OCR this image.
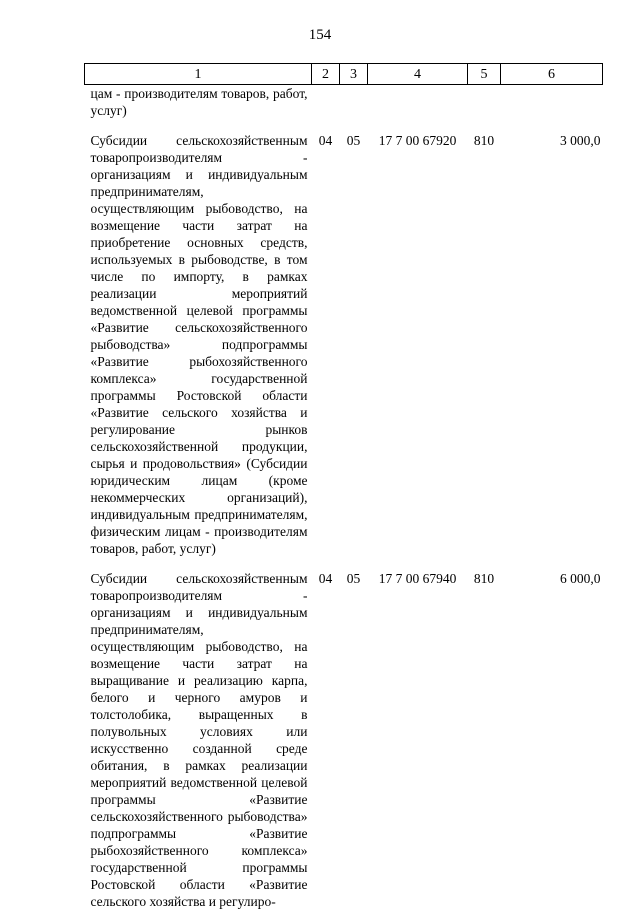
154
1	2	3	4	5	6
цам - производителям товаров, работ, услуг)					
Субсидии сельскохозяйственным товаропроизводителям - организациям и индивидуальным предпринимателям, осуществляющим рыбоводство, на возмещение части затрат на приобретение основных средств, используемых в рыбоводстве, в том числе по импорту, в рамках реализации мероприятий ведомственной целевой программы «Развитие сельскохозяйственного рыбоводства» подпрограммы «Развитие рыбохозяйственного комплекса» государственной программы Ростовской области «Развитие сельского хозяйства и регулирование рынков сельскохозяйственной продукции, сырья и продовольствия» (Субсидии юридическим лицам (кроме некоммерческих организаций), индивидуальным предпринимателям, физическим лицам - производителям товаров, работ, услуг)	04	05	17 7 00 67920	810	3 000,0
Субсидии сельскохозяйственным товаропроизводителям - организациям и индивидуальным предпринимателям, осуществляющим рыбоводство, на возмещение части затрат на выращивание и реализацию карпа, белого и черного амуров и толстолобика, выращенных в полувольных условиях или искусственно созданной среде обитания, в рамках реализации мероприятий ведомственной целевой программы «Развитие сельскохозяйственного рыбоводства» подпрограммы «Развитие рыбохозяйственного комплекса» государственной программы Ростовской области «Развитие сельского хозяйства и регулиро-	04	05	17 7 00 67940	810	6 000,0
